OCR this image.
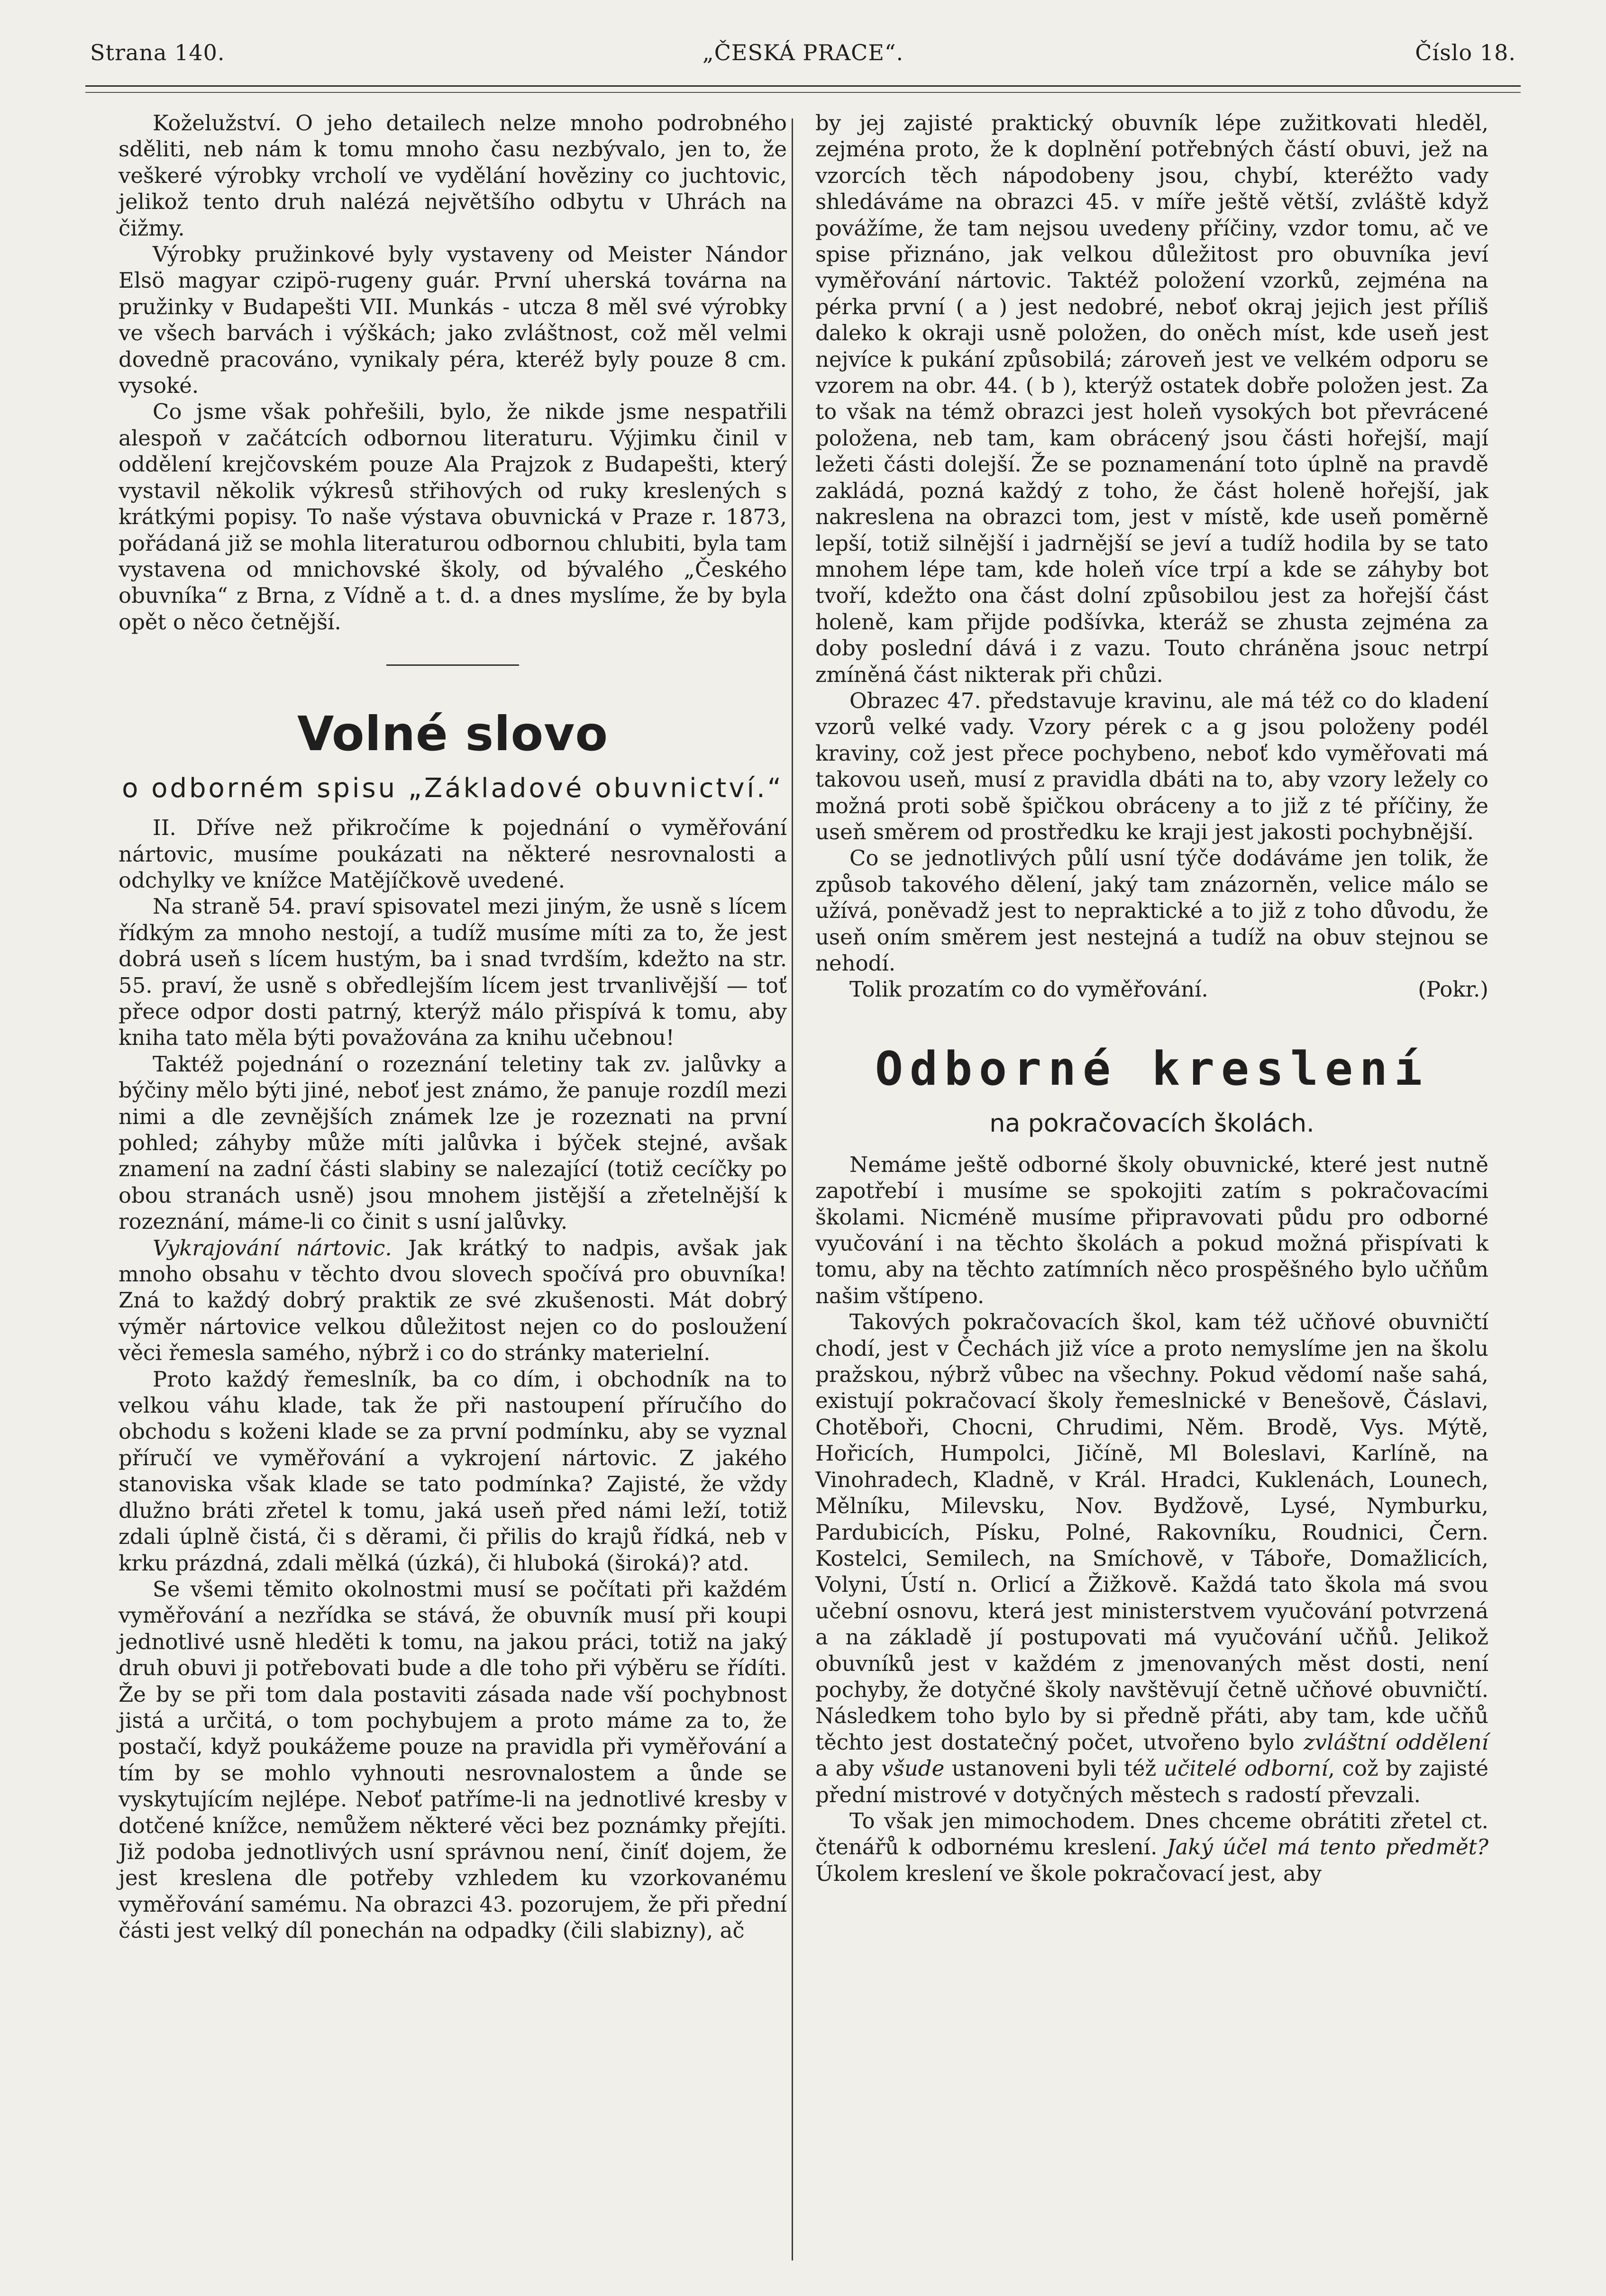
Strana 140.	„ČESKÁ PRACE“.	Číslo 18.

Koželužství. O jeho detailech nelze mnoho podrobného sděliti, neb nám k tomu mnoho času nezbývalo, jen to, že veškeré výrobky vrcholí ve vydělání hověziny co juchtovic, jelikož tento druh nalézá největšího odbytu v Uhrách na čižmy.

Výrobky pružinkové byly vystaveny od Meister Nándor Elsö magyar czipö-rugeny guár. První uherská továrna na pružinky v Budapešti VII. Munkás - utcza 8 měl své výrobky ve všech barvách i výškách; jako zvláštnost, což měl velmi dovedně pracováno, vynikaly péra, kteréž byly pouze 8 cm. vysoké.

Co jsme však pohřešili, bylo, že nikde jsme nespatřili alespoň v začátcích odbornou literaturu. Výjimku činil v oddělení krejčovském pouze Ala Prajzok z Budapešti, který vystavil několik výkresů střihových od ruky kreslených s krátkými popisy. To naše výstava obuvnická v Praze r. 1873, pořádaná již se mohla literaturou odbornou chlubiti, byla tam vystavena od mnichovské školy, od bývalého „Českého obuvníka“ z Brna, z Vídně a t. d. a dnes myslíme, že by byla opět o něco četnější.

Volné slovo
o odborném spisu „Základové obuvnictví.“

II. Dříve než přikročíme k pojednání o vyměřování nártovic, musíme poukázati na některé nesrovnalosti a odchylky ve knížce Matějíčkově uvedené.

Na straně 54. praví spisovatel mezi jiným, že usně s lícem řídkým za mnoho nestojí, a tudíž musíme míti za to, že jest dobrá useň s lícem hustým, ba i snad tvrdším, kdežto na str. 55. praví, že usně s obředlejším lícem jest trvanlivější — toť přece odpor dosti patrný, kterýž málo přispívá k tomu, aby kniha tato měla býti považována za knihu učebnou!

Taktéž pojednání o rozeznání teletiny tak zv. jalůvky a býčiny mělo býti jiné, neboť jest známo, že panuje rozdíl mezi nimi a dle zevnějších známek lze je rozeznati na první pohled; záhyby může míti jalůvka i býček stejné, avšak znamení na zadní části slabiny se nalezající (totiž cecíčky po obou stranách usně) jsou mnohem jistější a zřetelnější k rozeznání, máme-li co činit s usní jalůvky.

Vykrajování nártovic. Jak krátký to nadpis, avšak jak mnoho obsahu v těchto dvou slovech spočívá pro obuvníka! Zná to každý dobrý praktik ze své zkušenosti. Mát dobrý výměr nártovice velkou důležitost nejen co do posloužení věci řemesla samého, nýbrž i co do stránky materielní.

Proto každý řemeslník, ba co dím, i obchodník na to velkou váhu klade, tak že při nastoupení příručího do obchodu s koženi klade se za první podmínku, aby se vyznal příručí ve vyměřování a vykrojení nártovic. Z jakého stanoviska však klade se tato podmínka? Zajisté, že vždy dlužno bráti zřetel k tomu, jaká useň před námi leží, totiž zdali úplně čistá, či s děrami, či přilis do krajů řídká, neb v krku prázdná, zdali mělká (úzká), či hluboká (široká)? atd.

Se všemi těmito okolnostmi musí se počítati při každém vyměřování a nezřídka se stává, že obuvník musí při koupi jednotlivé usně hleděti k tomu, na jakou práci, totiž na jaký druh obuvi ji potřebovati bude a dle toho při výběru se řídíti. Že by se při tom dala postaviti zásada nade vší pochybnost jistá a určitá, o tom pochybujem a proto máme za to, že postačí, když poukážeme pouze na pravidla při vyměřování a tím by se mohlo vyhnouti nesrovnalostem a ůnde se vyskytujícím nejlépe. Neboť patříme-li na jednotlivé kresby v dotčené knížce, nemůžem některé věci bez poznámky přejíti. Již podoba jednotlivých usní správnou není, činíť dojem, že jest kreslena dle potřeby vzhledem ku vzorkovanému vyměřování samému. Na obrazci 43. pozorujem, že při přední části jest velký díl ponechán na odpadky (čili slabizny), ač

by jej zajisté praktický obuvník lépe zužitkovati hleděl, zejména proto, že k doplnění potřebných částí obuvi, jež na vzorcích těch nápodobeny jsou, chybí, kteréžto vady shledáváme na obrazci 45. v míře ještě větší, zvláště když povážíme, že tam nejsou uvedeny příčiny, vzdor tomu, ač ve spise přiznáno, jak velkou důležitost pro obuvníka jeví vyměřování nártovic. Taktéž položení vzorků, zejména na pérka první ( a ) jest nedobré, neboť okraj jejich jest příliš daleko k okraji usně položen, do oněch míst, kde useň jest nejvíce k pukání způsobilá; zároveň jest ve velkém odporu se vzorem na obr. 44. ( b ), kterýž ostatek dobře položen jest. Za to však na témž obrazci jest holeň vysokých bot převrácené položena, neb tam, kam obrácený jsou části hořejší, mají ležeti části dolejší. Že se poznamenání toto úplně na pravdě zakládá, pozná každý z toho, že část holeně hořejší, jak nakreslena na obrazci tom, jest v místě, kde useň poměrně lepší, totiž silnější i jadrnější se jeví a tudíž hodila by se tato mnohem lépe tam, kde holeň více trpí a kde se záhyby bot tvoří, kdežto ona část dolní způsobilou jest za hořejší část holeně, kam přijde podšívka, kteráž se zhusta zejména za doby poslední dává i z vazu. Touto chráněna jsouc netrpí zmíněná část nikterak při chůzi.

Obrazec 47. představuje kravinu, ale má též co do kladení vzorů velké vady. Vzory pérek c a g jsou položeny podél kraviny, což jest přece pochybeno, neboť kdo vyměřovati má takovou useň, musí z pravidla dbáti na to, aby vzory ležely co možná proti sobě špičkou obráceny a to již z té příčiny, že useň směrem od prostředku ke kraji jest jakosti pochybnější.

Co se jednotlivých půlí usní týče dodáváme jen tolik, že způsob takového dělení, jaký tam znázorněn, velice málo se užívá, poněvadž jest to nepraktické a to již z toho důvodu, že useň oním směrem jest nestejná a tudíž na obuv stejnou se nehodí.

Tolik prozatím co do vyměřování.	(Pokr.)
Odborné kreslení
na pokračovacích školách.

Nemáme ještě odborné školy obuvnické, které jest nutně zapotřebí i musíme se spokojiti zatím s pokračovacími školami. Nicméně musíme připravovati půdu pro odborné vyučování i na těchto školách a pokud možná přispívati k tomu, aby na těchto zatímních něco prospěšného bylo učňům našim vštípeno.

Takových pokračovacích škol, kam též učňové obuvničtí chodí, jest v Čechách již více a proto nemyslíme jen na školu pražskou, nýbrž vůbec na všechny. Pokud vědomí naše sahá, existují pokračovací školy řemeslnické v Benešově, Čáslavi, Chotěboři, Chocni, Chrudimi, Něm. Brodě, Vys. Mýtě, Hořicích, Humpolci, Jičíně, Ml Boleslavi, Karlíně, na Vinohradech, Kladně, v Král. Hradci, Kuklenách, Lounech, Mělníku, Milevsku, Nov. Bydžově, Lysé, Nymburku, Pardubicích, Písku, Polné, Rakovníku, Roudnici, Čern. Kostelci, Semilech, na Smíchově, v Táboře, Domažlicích, Volyni, Ústí n. Orlicí a Žižkově. Každá tato škola má svou učební osnovu, která jest ministerstvem vyučování potvrzená a na základě jí postupovati má vyučování učňů. Jelikož obuvníků jest v každém z jmenovaných měst dosti, není pochyby, že dotyčné školy navštěvují četně učňové obuvničtí. Následkem toho bylo by si předně přáti, aby tam, kde učňů těchto jest dostatečný počet, utvořeno bylo zvláštní oddělení a aby všude ustanoveni byli též učitelé odborní, což by zajisté přední mistrové v dotyčných městech s radostí převzali.

To však jen mimochodem. Dnes chceme obrátiti zřetel ct. čtenářů k odbornému kreslení. Jaký účel má tento předmět? Úkolem kreslení ve škole pokračovací jest, aby
